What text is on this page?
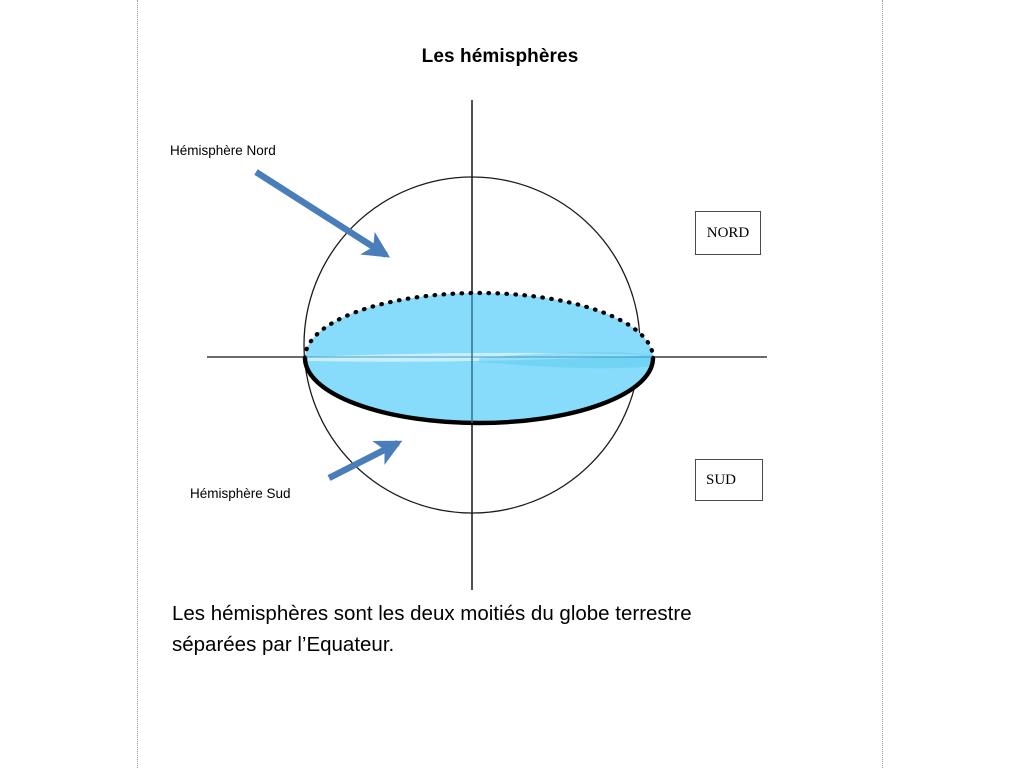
Les hémisphères
Hémisphère Nord
Hémisphère Sud
NORD
SUD
Les hémisphères sont les deux moitiés du globe terrestre
séparées par l’Equateur.
